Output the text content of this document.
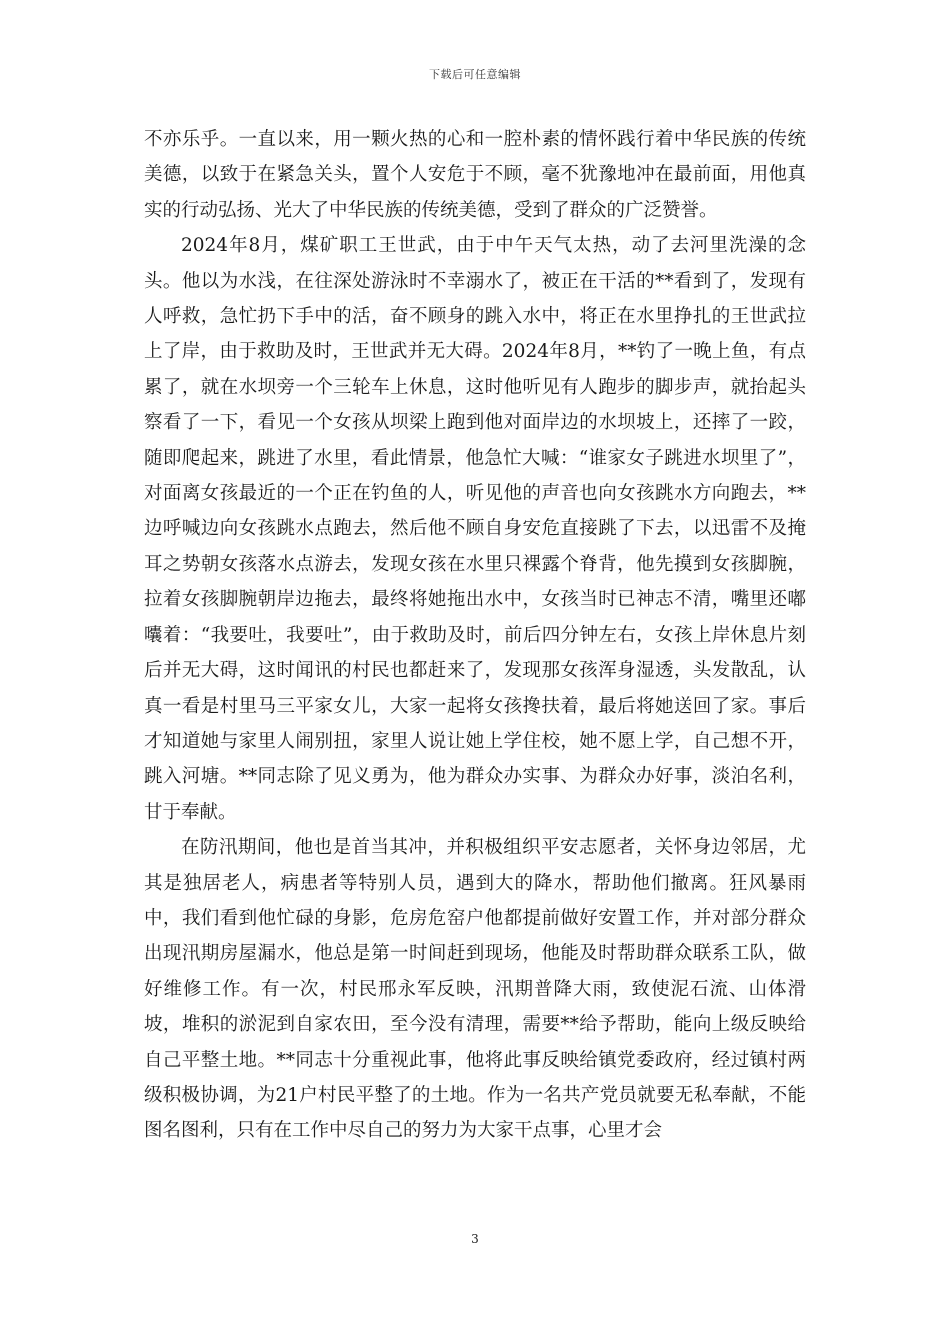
下载后可任意编辑

不亦乐乎。一直以来，用一颗火热的心和一腔朴素的情怀践行着中华民族的传统美德，以致于在紧急关头，置个人安危于不顾，毫不犹豫地冲在最前面，用他真实的行动弘扬、光大了中华民族的传统美德，受到了群众的广泛赞誉。

2024年8月，煤矿职工王世武，由于中午天气太热，动了去河里洗澡的念头。他以为水浅，在往深处游泳时不幸溺水了，被正在干活的**看到了，发现有人呼救，急忙扔下手中的活，奋不顾身的跳入水中，将正在水里挣扎的王世武拉上了岸，由于救助及时，王世武并无大碍。2024年8月，**钓了一晚上鱼，有点累了，就在水坝旁一个三轮车上休息，这时他听见有人跑步的脚步声，就抬起头察看了一下，看见一个女孩从坝梁上跑到他对面岸边的水坝坡上，还摔了一跤，随即爬起来，跳进了水里，看此情景，他急忙大喊：“谁家女子跳进水坝里了”，对面离女孩最近的一个正在钓鱼的人，听见他的声音也向女孩跳水方向跑去，**边呼喊边向女孩跳水点跑去，然后他不顾自身安危直接跳了下去，以迅雷不及掩耳之势朝女孩落水点游去，发现女孩在水里只裸露个脊背，他先摸到女孩脚腕，拉着女孩脚腕朝岸边拖去，最终将她拖出水中，女孩当时已神志不清，嘴里还嘟囔着：“我要吐，我要吐”，由于救助及时，前后四分钟左右，女孩上岸休息片刻后并无大碍，这时闻讯的村民也都赶来了，发现那女孩浑身湿透，头发散乱，认真一看是村里马三平家女儿，大家一起将女孩搀扶着，最后将她送回了家。事后才知道她与家里人闹别扭，家里人说让她上学住校，她不愿上学，自己想不开，跳入河塘。**同志除了见义勇为，他为群众办实事、为群众办好事，淡泊名利，甘于奉献。

在防汛期间，他也是首当其冲，并积极组织平安志愿者，关怀身边邻居，尤其是独居老人，病患者等特别人员，遇到大的降水，帮助他们撤离。狂风暴雨中，我们看到他忙碌的身影，危房危窑户他都提前做好安置工作，并对部分群众出现汛期房屋漏水，他总是第一时间赶到现场，他能及时帮助群众联系工队，做好维修工作。有一次，村民邢永军反映，汛期普降大雨，致使泥石流、山体滑坡，堆积的淤泥到自家农田，至今没有清理，需要**给予帮助，能向上级反映给自己平整土地。**同志十分重视此事，他将此事反映给镇党委政府，经过镇村两级积极协调，为21户村民平整了的土地。作为一名共产党员就要无私奉献，不能图名图利，只有在工作中尽自己的努力为大家干点事，心里才会

3
